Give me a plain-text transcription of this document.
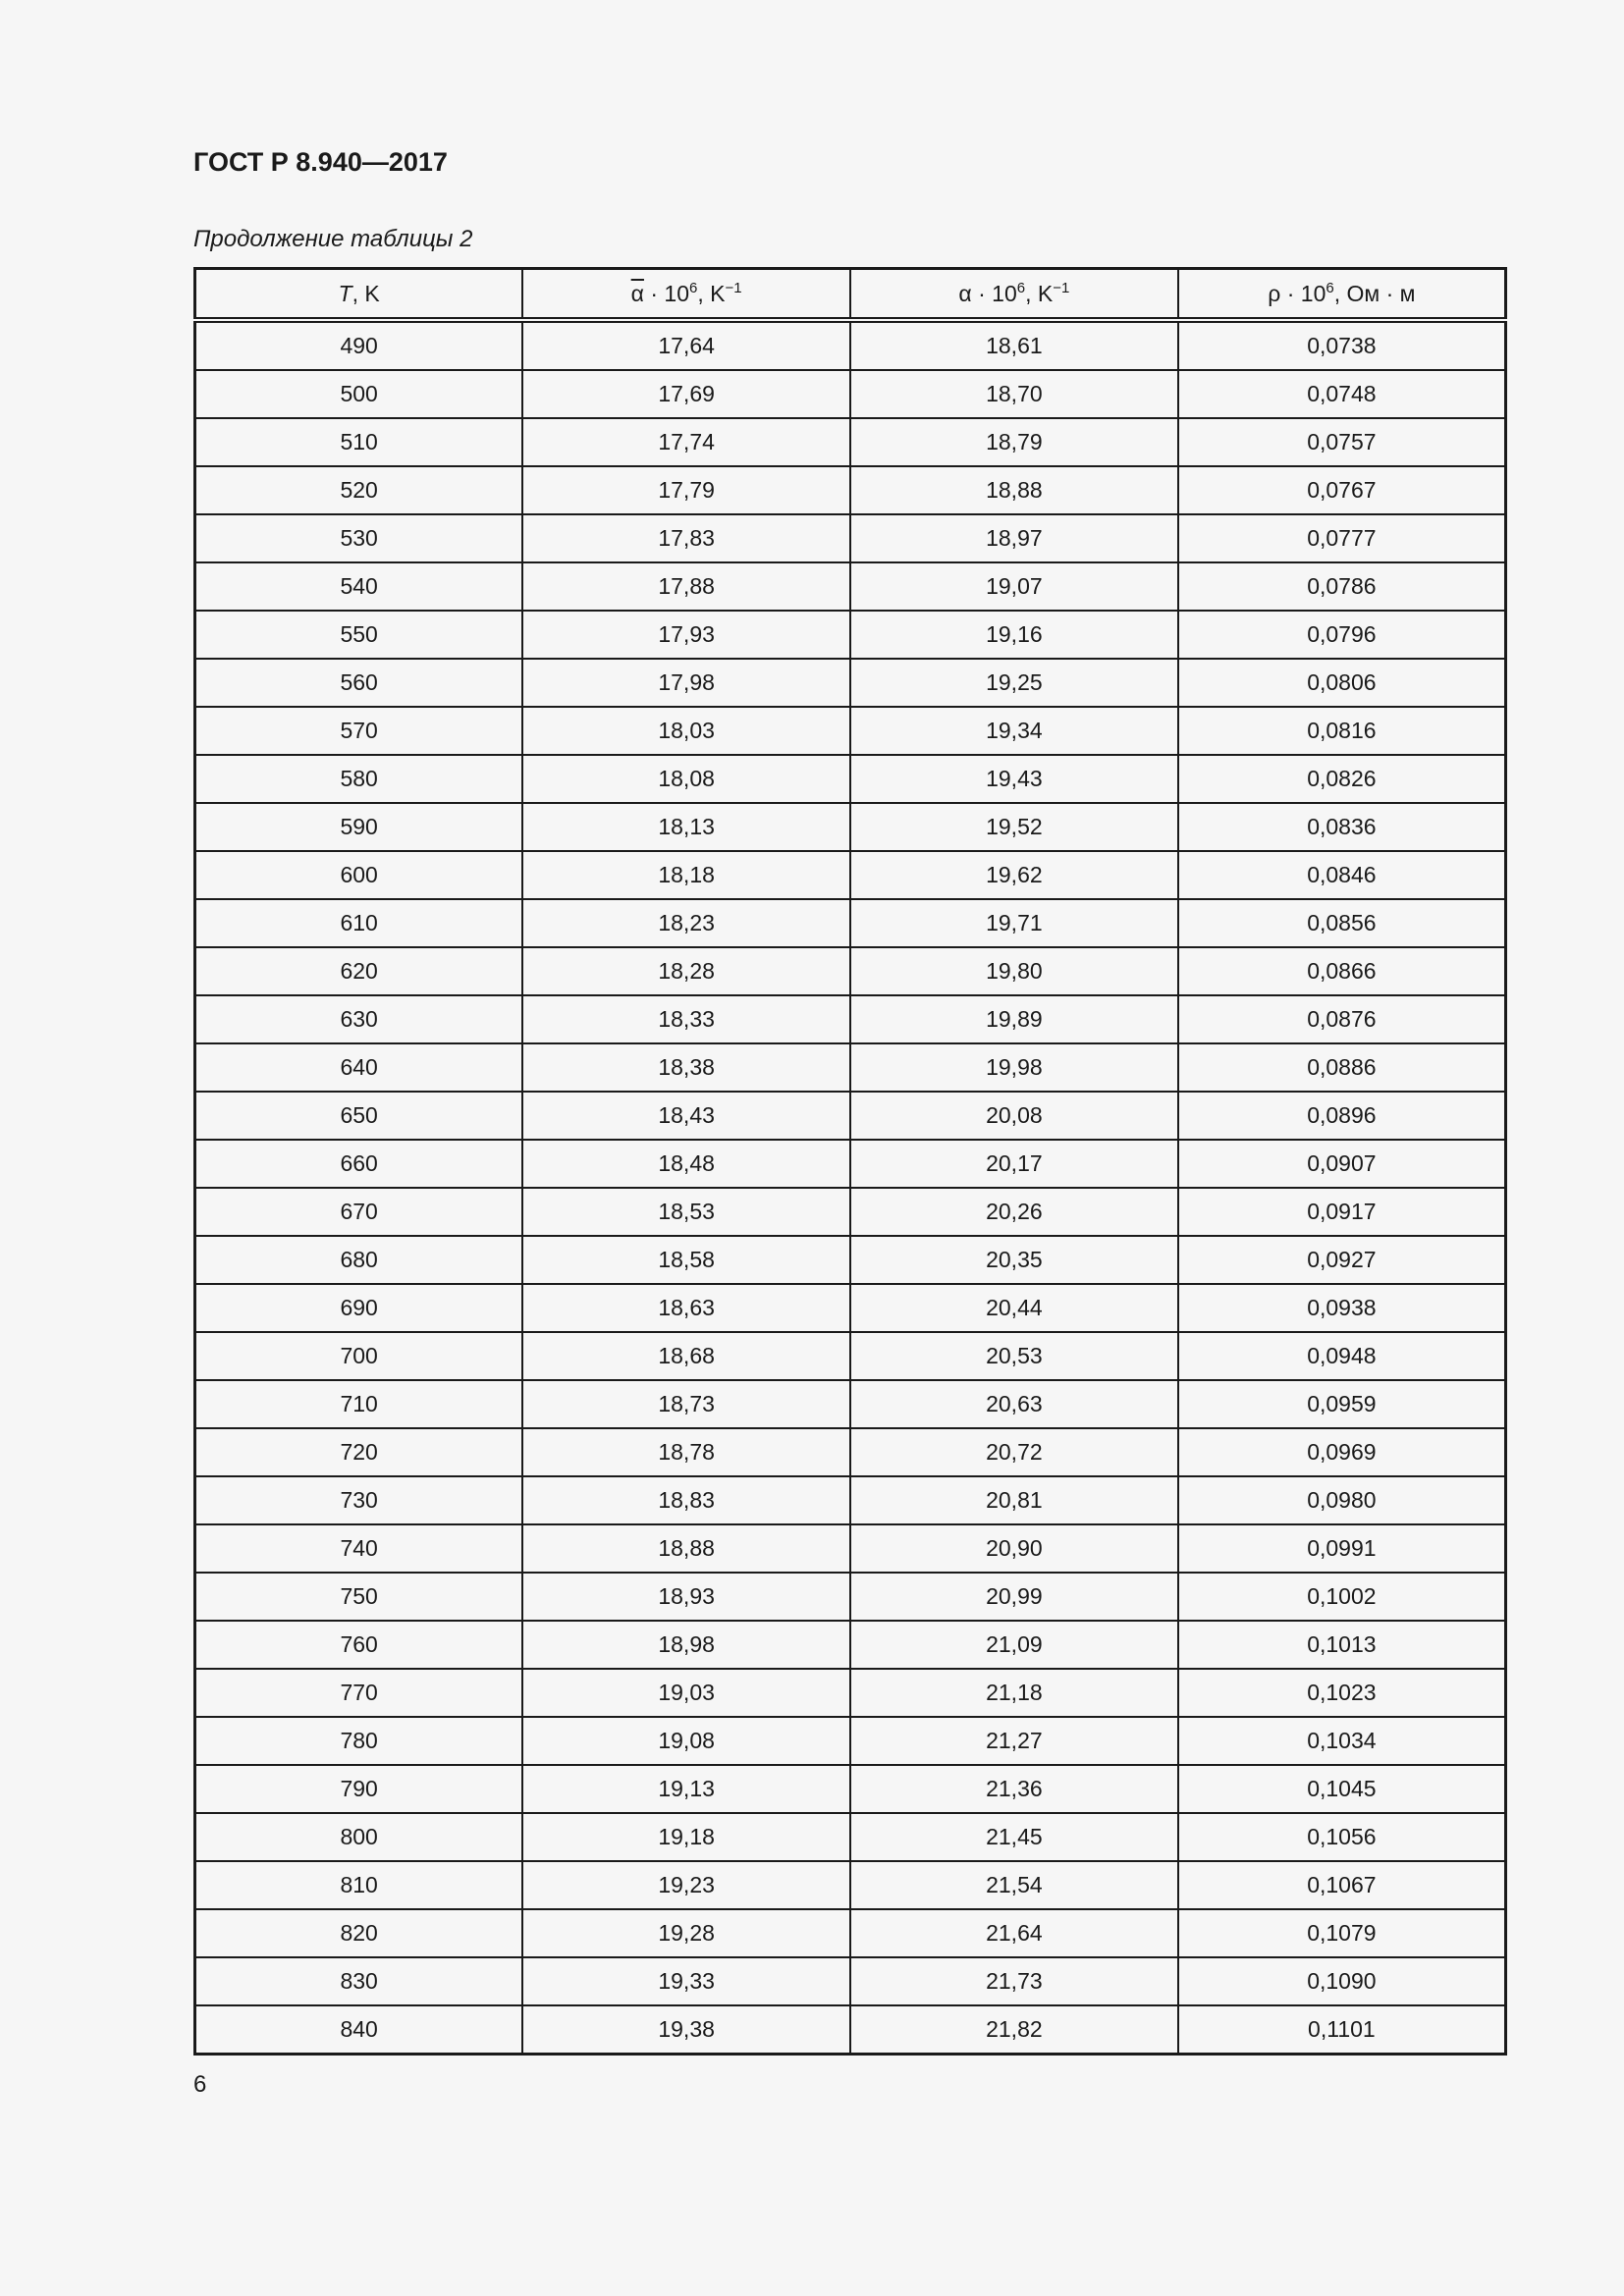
ГОСТ Р 8.940—2017
Продолжение таблицы 2
T, K	$\overline{\alpha} \cdot 10^6$, $K^{-1}$	$\alpha \cdot 10^6$, $K^{-1}$	$\rho \cdot 10^6$, Ом · м
490	17,64	18,61	0,0738
500	17,69	18,70	0,0748
510	17,74	18,79	0,0757
520	17,79	18,88	0,0767
530	17,83	18,97	0,0777
540	17,88	19,07	0,0786
550	17,93	19,16	0,0796
560	17,98	19,25	0,0806
570	18,03	19,34	0,0816
580	18,08	19,43	0,0826
590	18,13	19,52	0,0836
600	18,18	19,62	0,0846
610	18,23	19,71	0,0856
620	18,28	19,80	0,0866
630	18,33	19,89	0,0876
640	18,38	19,98	0,0886
650	18,43	20,08	0,0896
660	18,48	20,17	0,0907
670	18,53	20,26	0,0917
680	18,58	20,35	0,0927
690	18,63	20,44	0,0938
700	18,68	20,53	0,0948
710	18,73	20,63	0,0959
720	18,78	20,72	0,0969
730	18,83	20,81	0,0980
740	18,88	20,90	0,0991
750	18,93	20,99	0,1002
760	18,98	21,09	0,1013
770	19,03	21,18	0,1023
780	19,08	21,27	0,1034
790	19,13	21,36	0,1045
800	19,18	21,45	0,1056
810	19,23	21,54	0,1067
820	19,28	21,64	0,1079
830	19,33	21,73	0,1090
840	19,38	21,82	0,1101
6
